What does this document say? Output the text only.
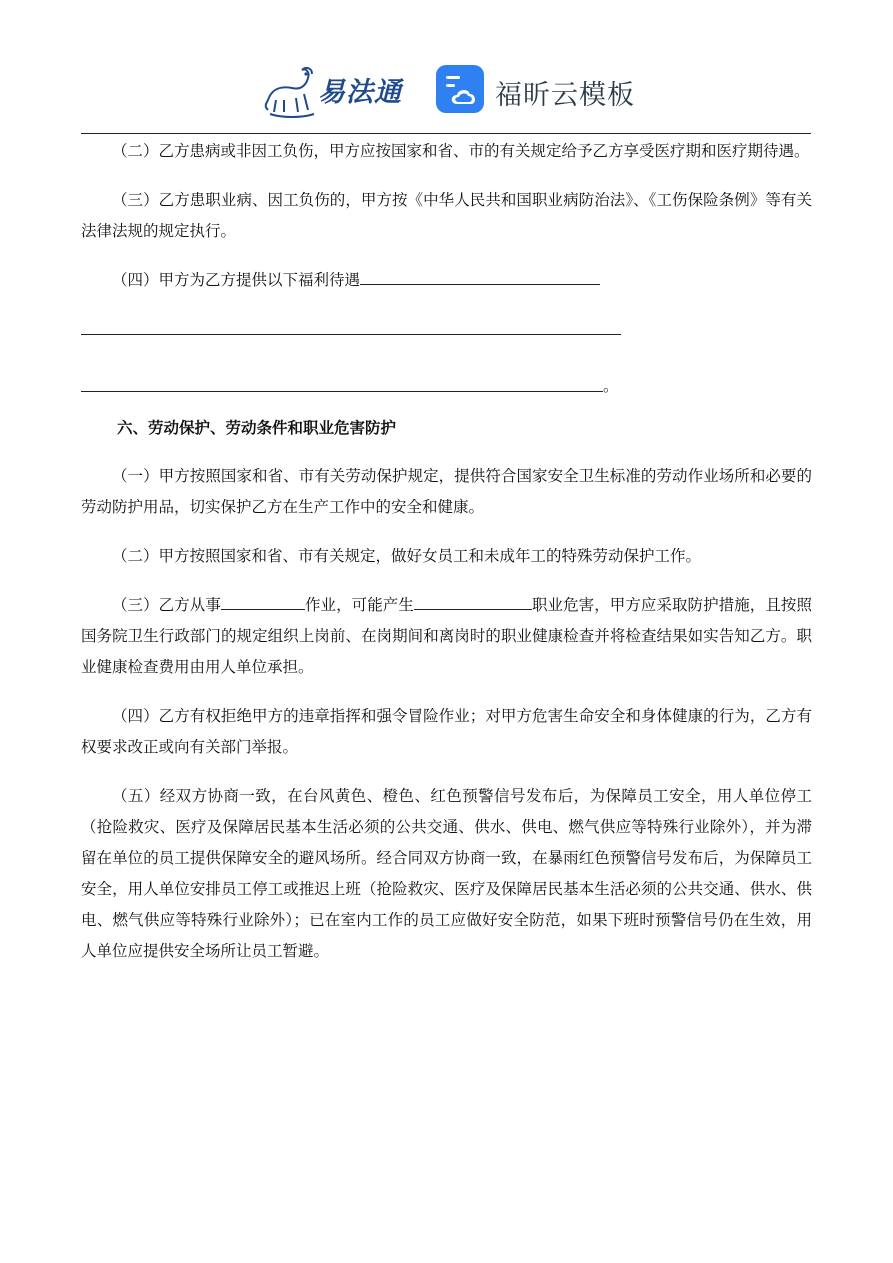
易法通	福昕云模板

（二）乙方患病或非因工负伤，甲方应按国家和省、市的有关规定给予乙方享受医疗期和医疗期待遇。

（三）乙方患职业病、因工负伤的，甲方按《中华人民共和国职业病防治法》、《工伤保险条例》等有关法律法规的规定执行。

（四）甲方为乙方提供以下福利待遇

。
六、劳动保护、劳动条件和职业危害防护

（一）甲方按照国家和省、市有关劳动保护规定，提供符合国家安全卫生标准的劳动作业场所和必要的劳动防护用品，切实保护乙方在生产工作中的安全和健康。

（二）甲方按照国家和省、市有关规定，做好女员工和未成年工的特殊劳动保护工作。

（三）乙方从事	作业，可能产生	职业危害，甲方应采取防护措施，且按照国务院卫生行政部门的规定组织上岗前、在岗期间和离岗时的职业健康检查并将检查结果如实告知乙方。职业健康检查费用由用人单位承担。

（四）乙方有权拒绝甲方的违章指挥和强令冒险作业；对甲方危害生命安全和身体健康的行为，乙方有权要求改正或向有关部门举报。

（五）经双方协商一致，在台风黄色、橙色、红色预警信号发布后，为保障员工安全，用人单位停工（抢险救灾、医疗及保障居民基本生活必须的公共交通、供水、供电、燃气供应等特殊行业除外），并为滞留在单位的员工提供保障安全的避风场所。经合同双方协商一致，在暴雨红色预警信号发布后，为保障员工安全，用人单位安排员工停工或推迟上班（抢险救灾、医疗及保障居民基本生活必须的公共交通、供水、供电、燃气供应等特殊行业除外）；已在室内工作的员工应做好安全防范，如果下班时预警信号仍在生效，用人单位应提供安全场所让员工暂避。
